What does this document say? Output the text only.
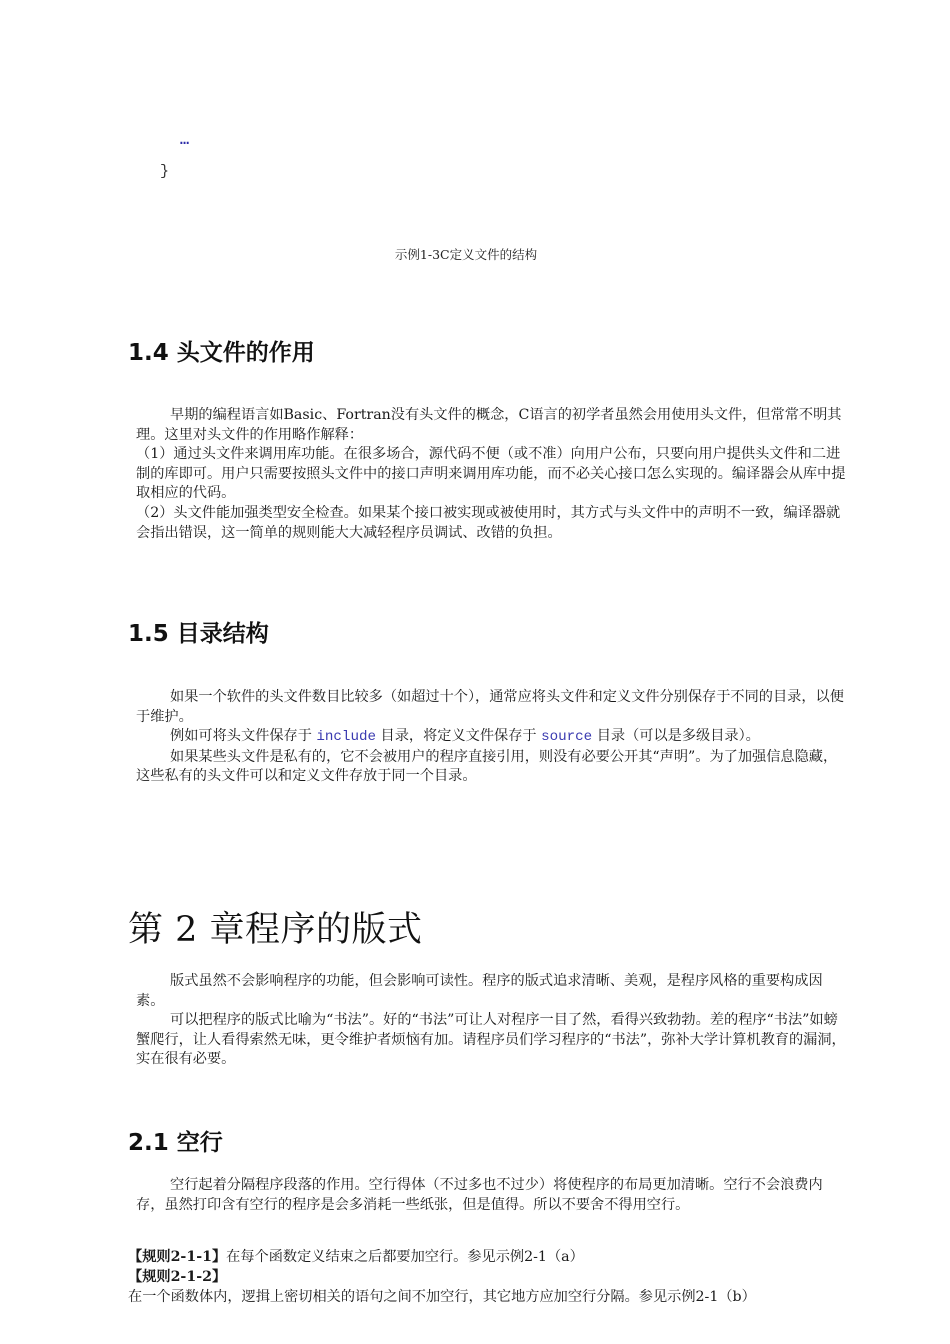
…
}
示例1-3C定义文件的结构
1.4 头文件的作用

早期的编程语言如Basic、Fortran没有头文件的概念，C语言的初学者虽然会用使用头文件，但常常不明其理。这里对头文件的作用略作解释：

（1）通过头文件来调用库功能。在很多场合，源代码不便（或不准）向用户公布，只要向用户提供头文件和二进制的库即可。用户只需要按照头文件中的接口声明来调用库功能，而不必关心接口怎么实现的。编译器会从库中提取相应的代码。

（2）头文件能加强类型安全检查。如果某个接口被实现或被使用时，其方式与头文件中的声明不一致，编译器就会指出错误，这一简单的规则能大大减轻程序员调试、改错的负担。

1.5 目录结构

如果一个软件的头文件数目比较多（如超过十个），通常应将头文件和定义文件分别保存于不同的目录，以便于维护。

例如可将头文件保存于 include 目录，将定义文件保存于 source 目录（可以是多级目录）。

如果某些头文件是私有的，它不会被用户的程序直接引用，则没有必要公开其“声明”。为了加强信息隐藏，这些私有的头文件可以和定义文件存放于同一个目录。

第 2 章程序的版式

版式虽然不会影响程序的功能，但会影响可读性。程序的版式追求清晰、美观，是程序风格的重要构成因素。

可以把程序的版式比喻为“书法”。好的“书法”可让人对程序一目了然，看得兴致勃勃。差的程序“书法”如螃蟹爬行，让人看得索然无味，更令维护者烦恼有加。请程序员们学习程序的“书法”，弥补大学计算机教育的漏洞，实在很有必要。

2.1 空行

空行起着分隔程序段落的作用。空行得体（不过多也不过少）将使程序的布局更加清晰。空行不会浪费内存，虽然打印含有空行的程序是会多消耗一些纸张，但是值得。所以不要舍不得用空行。

【规则2-1-1】在每个函数定义结束之后都要加空行。参见示例2-1（a）

【规则2-1-2】在一个函数体内，逻揖上密切相关的语句之间不加空行，其它地方应加空行分隔。参见示例2-1（b）
